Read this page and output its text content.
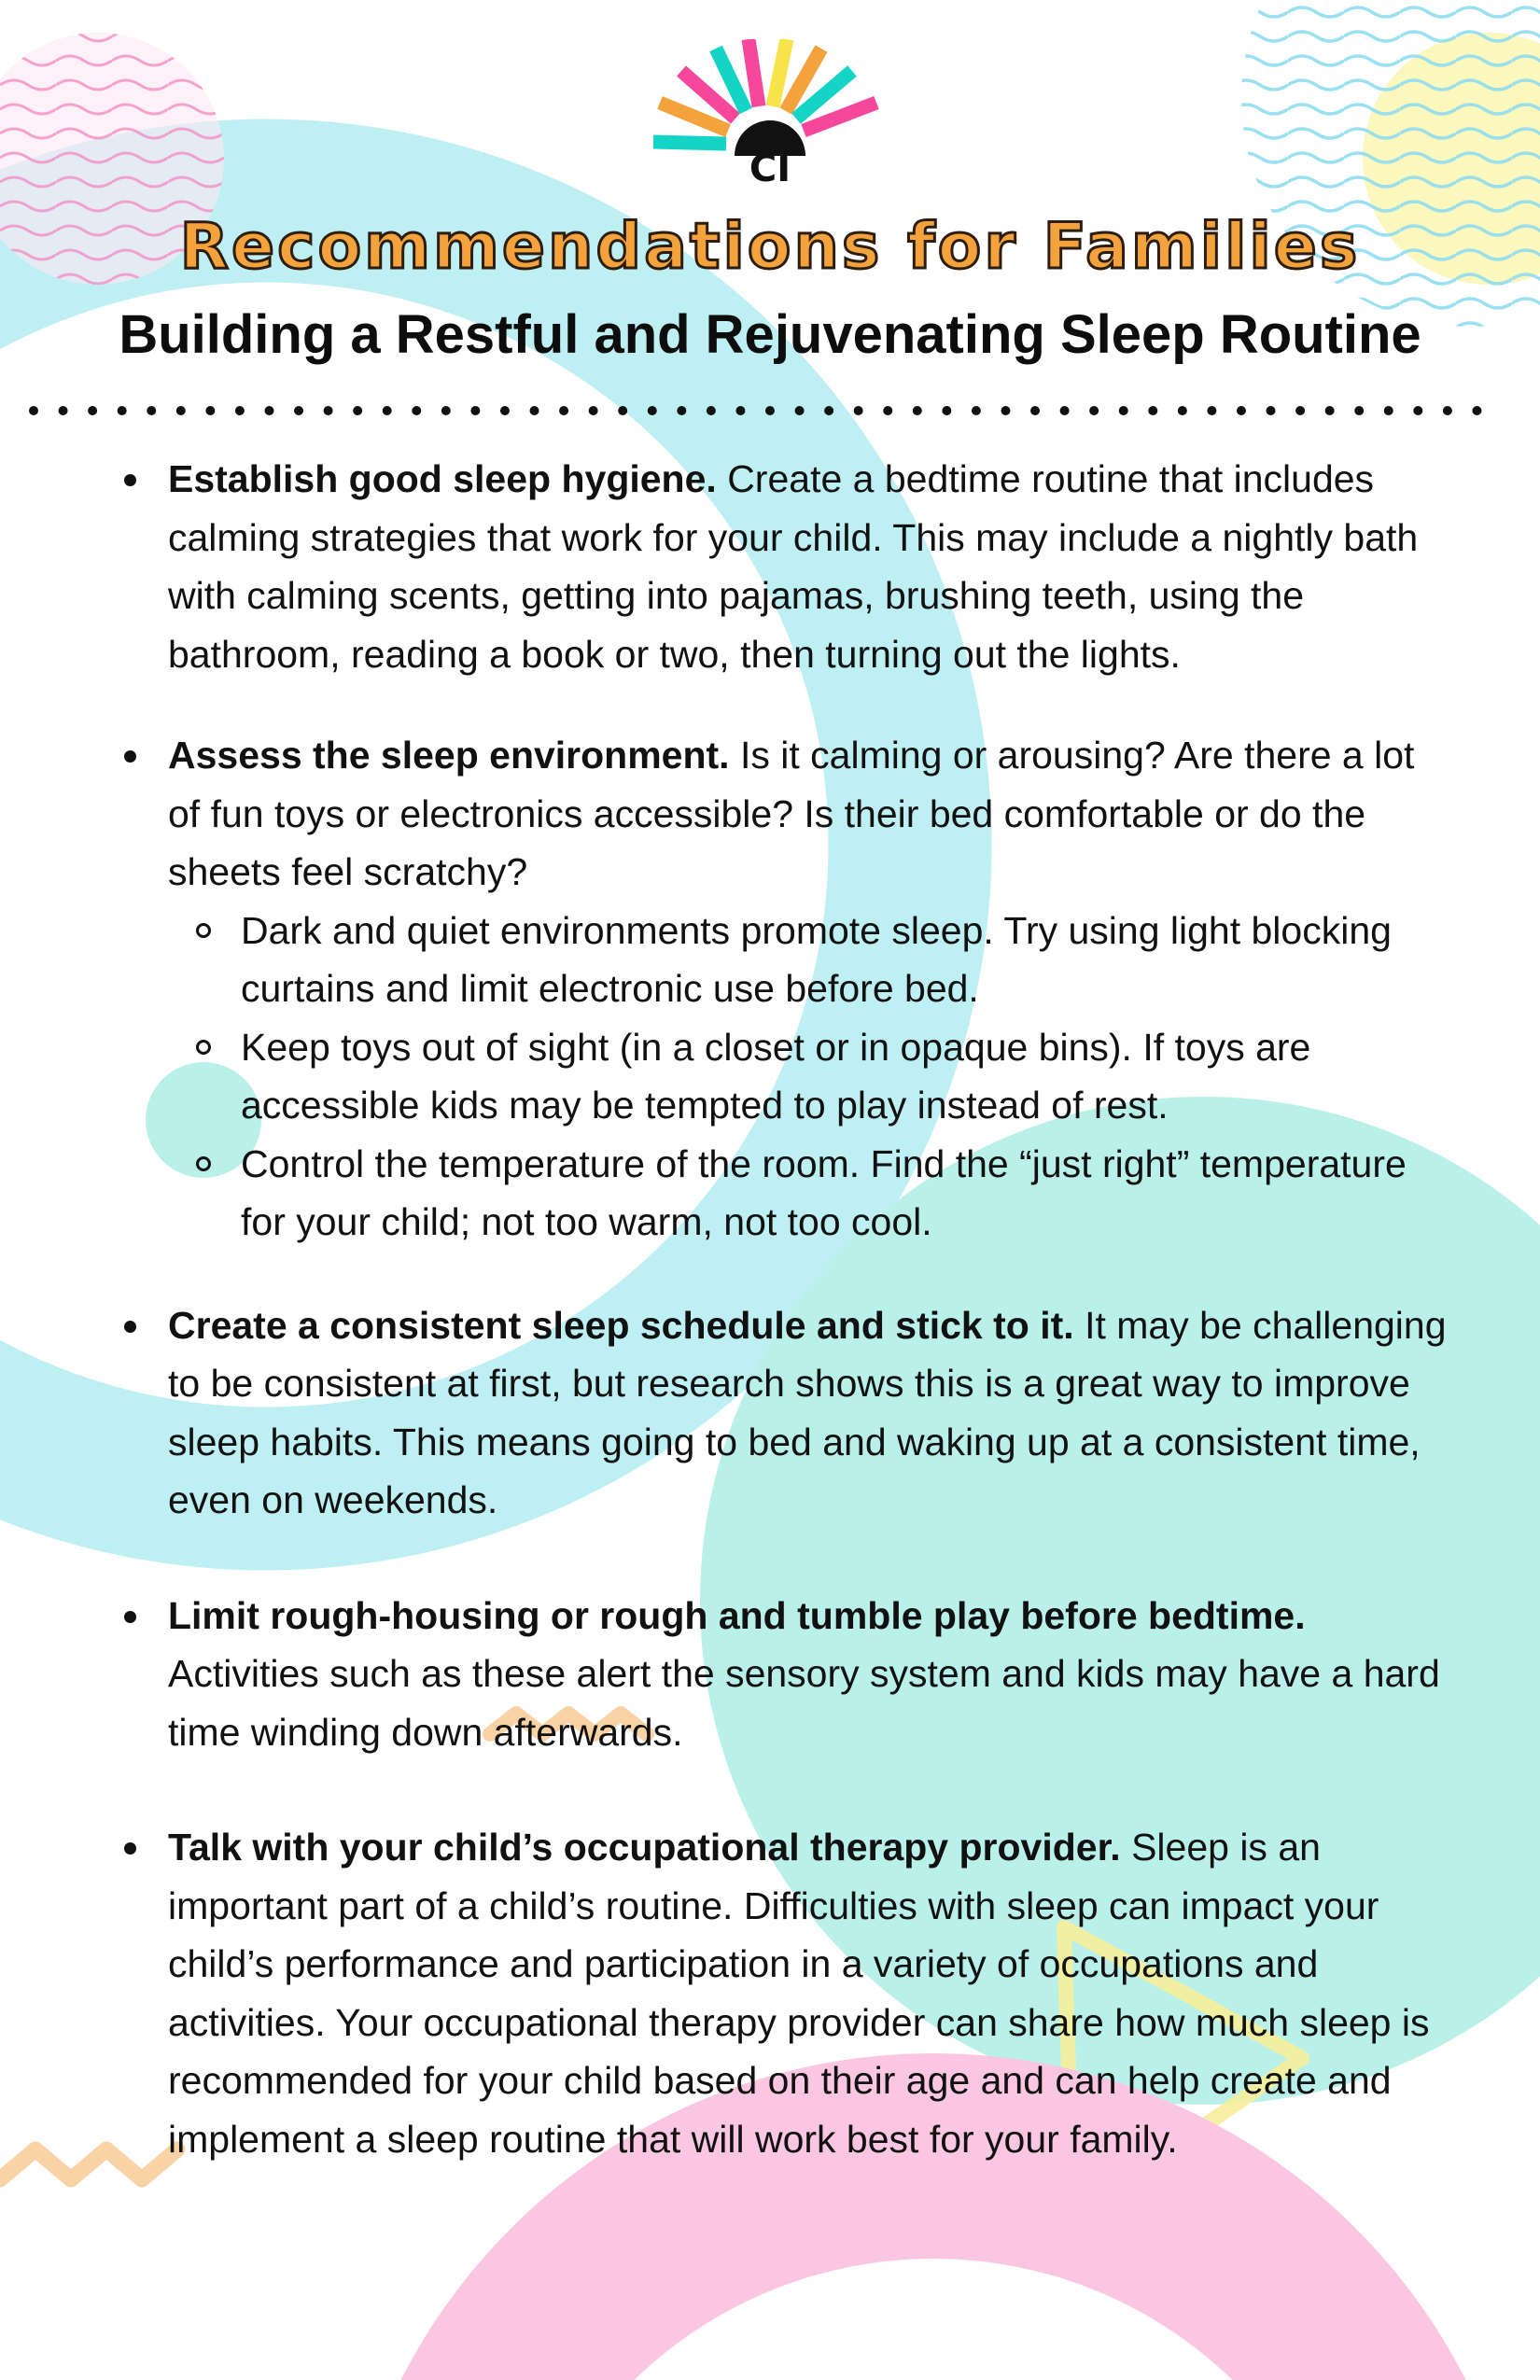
CI
Recommendations for Families
Building a Restful and Rejuvenating Sleep Routine
Establish good sleep hygiene. Create a bedtime routine that includes calming strategies that work for your child. This may include a nightly bath with calming scents, getting into pajamas, brushing teeth, using the bathroom, reading a book or two, then turning out the lights.
Assess the sleep environment. Is it calming or arousing? Are there a lot of fun toys or electronics accessible? Is their bed comfortable or do the sheets feel scratchy?
Dark and quiet environments promote sleep. Try using light blocking curtains and limit electronic use before bed.
Keep toys out of sight (in a closet or in opaque bins). If toys are accessible kids may be tempted to play instead of rest.
Control the temperature of the room. Find the “just right” temperature for your child; not too warm, not too cool.
Create a consistent sleep schedule and stick to it. It may be challenging to be consistent at first, but research shows this is a great way to improve sleep habits. This means going to bed and waking up at a consistent time, even on weekends.
Limit rough-housing or rough and tumble play before bedtime. Activities such as these alert the sensory system and kids may have a hard time winding down afterwards.
Talk with your child’s occupational therapy provider. Sleep is an important part of a child’s routine. Difficulties with sleep can impact your child’s performance and participation in a variety of occupations and activities. Your occupational therapy provider can share how much sleep is recommended for your child based on their age and can help create and implement a sleep routine that will work best for your family.
